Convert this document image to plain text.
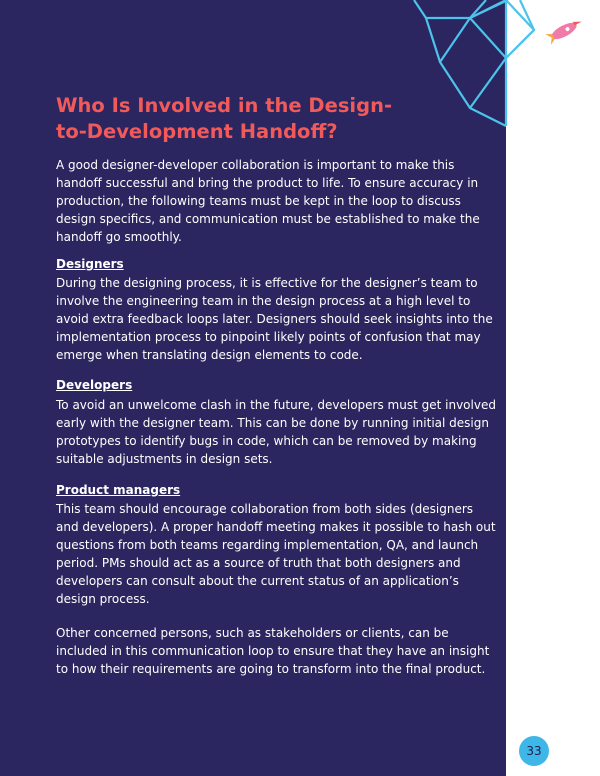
Who Is Involved in the Design-to-Development Handoff?

A good designer-developer collaboration is important to make this handoff successful and bring the product to life. To ensure accuracy in production, the following teams must be kept in the loop to discuss design specifics, and communication must be established to make the handoff go smoothly.

Designers

During the designing process, it is effective for the designer’s team to involve the engineering team in the design process at a high level to avoid extra feedback loops later. Designers should seek insights into the implementation process to pinpoint likely points of confusion that may emerge when translating design elements to code.

Developers

To avoid an unwelcome clash in the future, developers must get involved early with the designer team. This can be done by running initial design prototypes to identify bugs in code, which can be removed by making suitable adjustments in design sets.

Product managers

This team should encourage collaboration from both sides (designers and developers). A proper handoff meeting makes it possible to hash out questions from both teams regarding implementation, QA, and launch period. PMs should act as a source of truth that both designers and developers can consult about the current status of an application’s design process.

Other concerned persons, such as stakeholders or clients, can be included in this communication loop to ensure that they have an insight to how their requirements are going to transform into the final product.

33
